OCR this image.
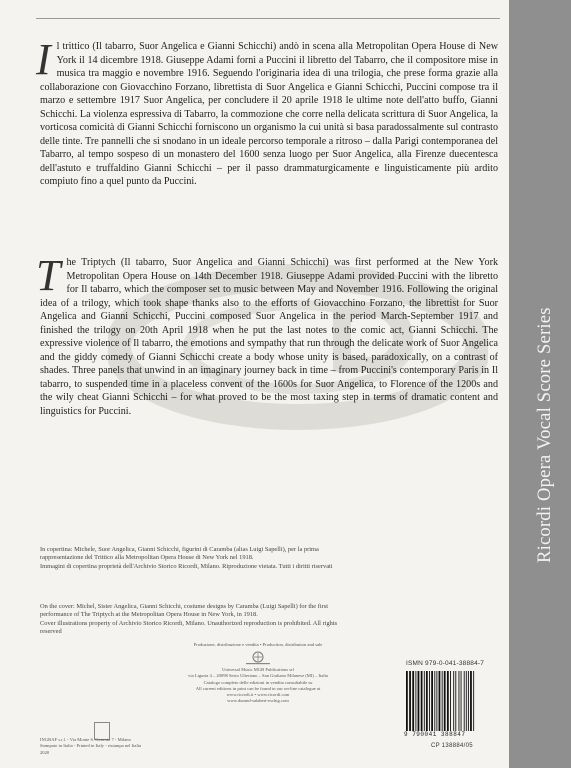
I l trittico (Il tabarro, Suor Angelica e Gianni Schicchi) andò in scena alla Metropolitan Opera House di New York il 14 dicembre 1918. Giuseppe Adami fornì a Puccini il libretto del Tabarro, che il compositore mise in musica tra maggio e novembre 1916. Seguendo l'originaria idea di una trilogia, che prese forma grazie alla collaborazione con Giovacchino Forzano, librettista di Suor Angelica e Gianni Schicchi, Puccini compose tra il marzo e settembre 1917 Suor Angelica, per concludere il 20 aprile 1918 le ultime note dell'atto buffo, Gianni Schicchi. La violenza espressiva di Tabarro, la commozione che corre nella delicata scrittura di Suor Angelica, la vorticosa comicità di Gianni Schicchi forniscono un organismo la cui unità si basa paradossalmente sul contrasto delle tinte. Tre pannelli che si snodano in un ideale percorso temporale a ritroso – dalla Parigi contemporanea del Tabarro, al tempo sospeso di un monastero del 1600 senza luogo per Suor Angelica, alla Firenze duecentesca dell'astuto e truffaldino Gianni Schicchi – per il passo drammaturgicamente e linguisticamente più ardito compiuto fino a quel punto da Puccini.

T he Triptych (Il tabarro, Suor Angelica and Gianni Schicchi) was first performed at the New York Metropolitan Opera House on 14th December 1918. Giuseppe Adami provided Puccini with the libretto for Il tabarro, which the composer set to music between May and November 1916. Following the original idea of a trilogy, which took shape thanks also to the efforts of Giovacchino Forzano, the librettist for Suor Angelica and Gianni Schicchi, Puccini composed Suor Angelica in the period March-September 1917 and finished the trilogy on 20th April 1918 when he put the last notes to the comic act, Gianni Schicchi. The expressive violence of Il tabarro, the emotions and sympathy that run through the delicate work of Suor Angelica and the giddy comedy of Gianni Schicchi create a body whose unity is based, paradoxically, on a contrast of shades. Three panels that unwind in an imaginary journey back in time – from Puccini's contemporary Paris in Il tabarro, to suspended time in a placeless convent of the 1600s for Suor Angelica, to Florence of the 1200s and the wily cheat Gianni Schicchi – for what proved to be the most taxing step in terms of dramatic content and linguistics for Puccini.

In copertina: Michele, Suor Angelica, Gianni Schicchi, figurini di Caramba (alias Luigi Sapelli), per la prima rappresentazione del Trittico alla Metropolitan Opera House di New York nel 1918.

Immagini di copertina proprietà dell'Archivio Storico Ricordi, Milano. Riproduzione vietata. Tutti i diritti riservati

On the cover: Michel, Sister Angelica, Gianni Schicchi, costume designs by Caramba (Luigi Sapelli) for the first performance of The Triptych at the Metropolitan Opera House in New York, in 1918.

Cover illustrations property of Archivio Storico Ricordi, Milano. Unauthorized reproduction is prohibited. All rights reserved

Produzione, distribuzione e vendita • Production, distribution and sale
Universal Music MGB Publications srl
via Liguria 4 – 20098 Sesto Ulteriano – San Giuliano Milanese (MI) – Italia
Catalogo completo delle edizioni in vendita consultabile su
All current editions in print can be found in our on-line catalogue at
www.ricordi.it • www.ricordi.com
www.durand-salabert-eschig.com
ISMN 979-0-041-38884-7
9 790041 388847
CP 138884/05
INGRAF s.r.l. - Via Monte S. Genesio 7 - Milano
Stampato in Italia - Printed in Italy - ristampa nel Italia 2020
Ricordi Opera Vocal Score Series
